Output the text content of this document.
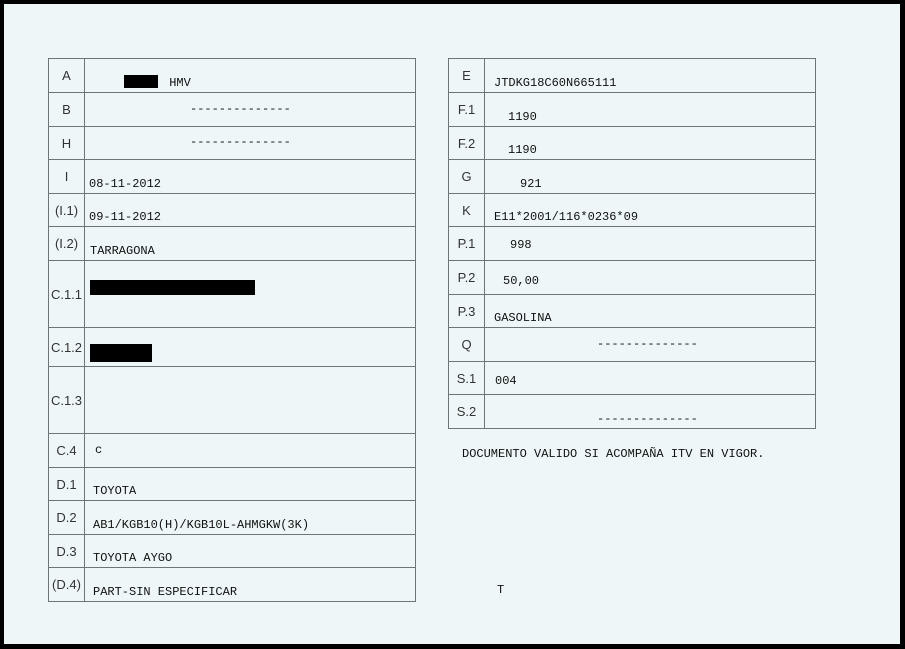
A	HMV
B	--------------
H	--------------
I	08-11-2012
(I.1)	09-11-2012
(I.2)	TARRAGONA
C.1.1	
C.1.2	
C.1.3	
C.4	c
D.1	TOYOTA
D.2	AB1/KGB10(H)/KGB10L-AHMGKW(3K)
D.3	TOYOTA AYGO
(D.4)	PART-SIN ESPECIFICAR
E	JTDKG18C60N665111
F.1	1190
F.2	1190
G	921
K	E11*2001/116*0236*09
P.1	998
P.2	50,00
P.3	GASOLINA
Q	--------------
S.1	004
S.2	--------------
DOCUMENTO VALIDO SI ACOMPAÑA ITV EN VIGOR.
T
